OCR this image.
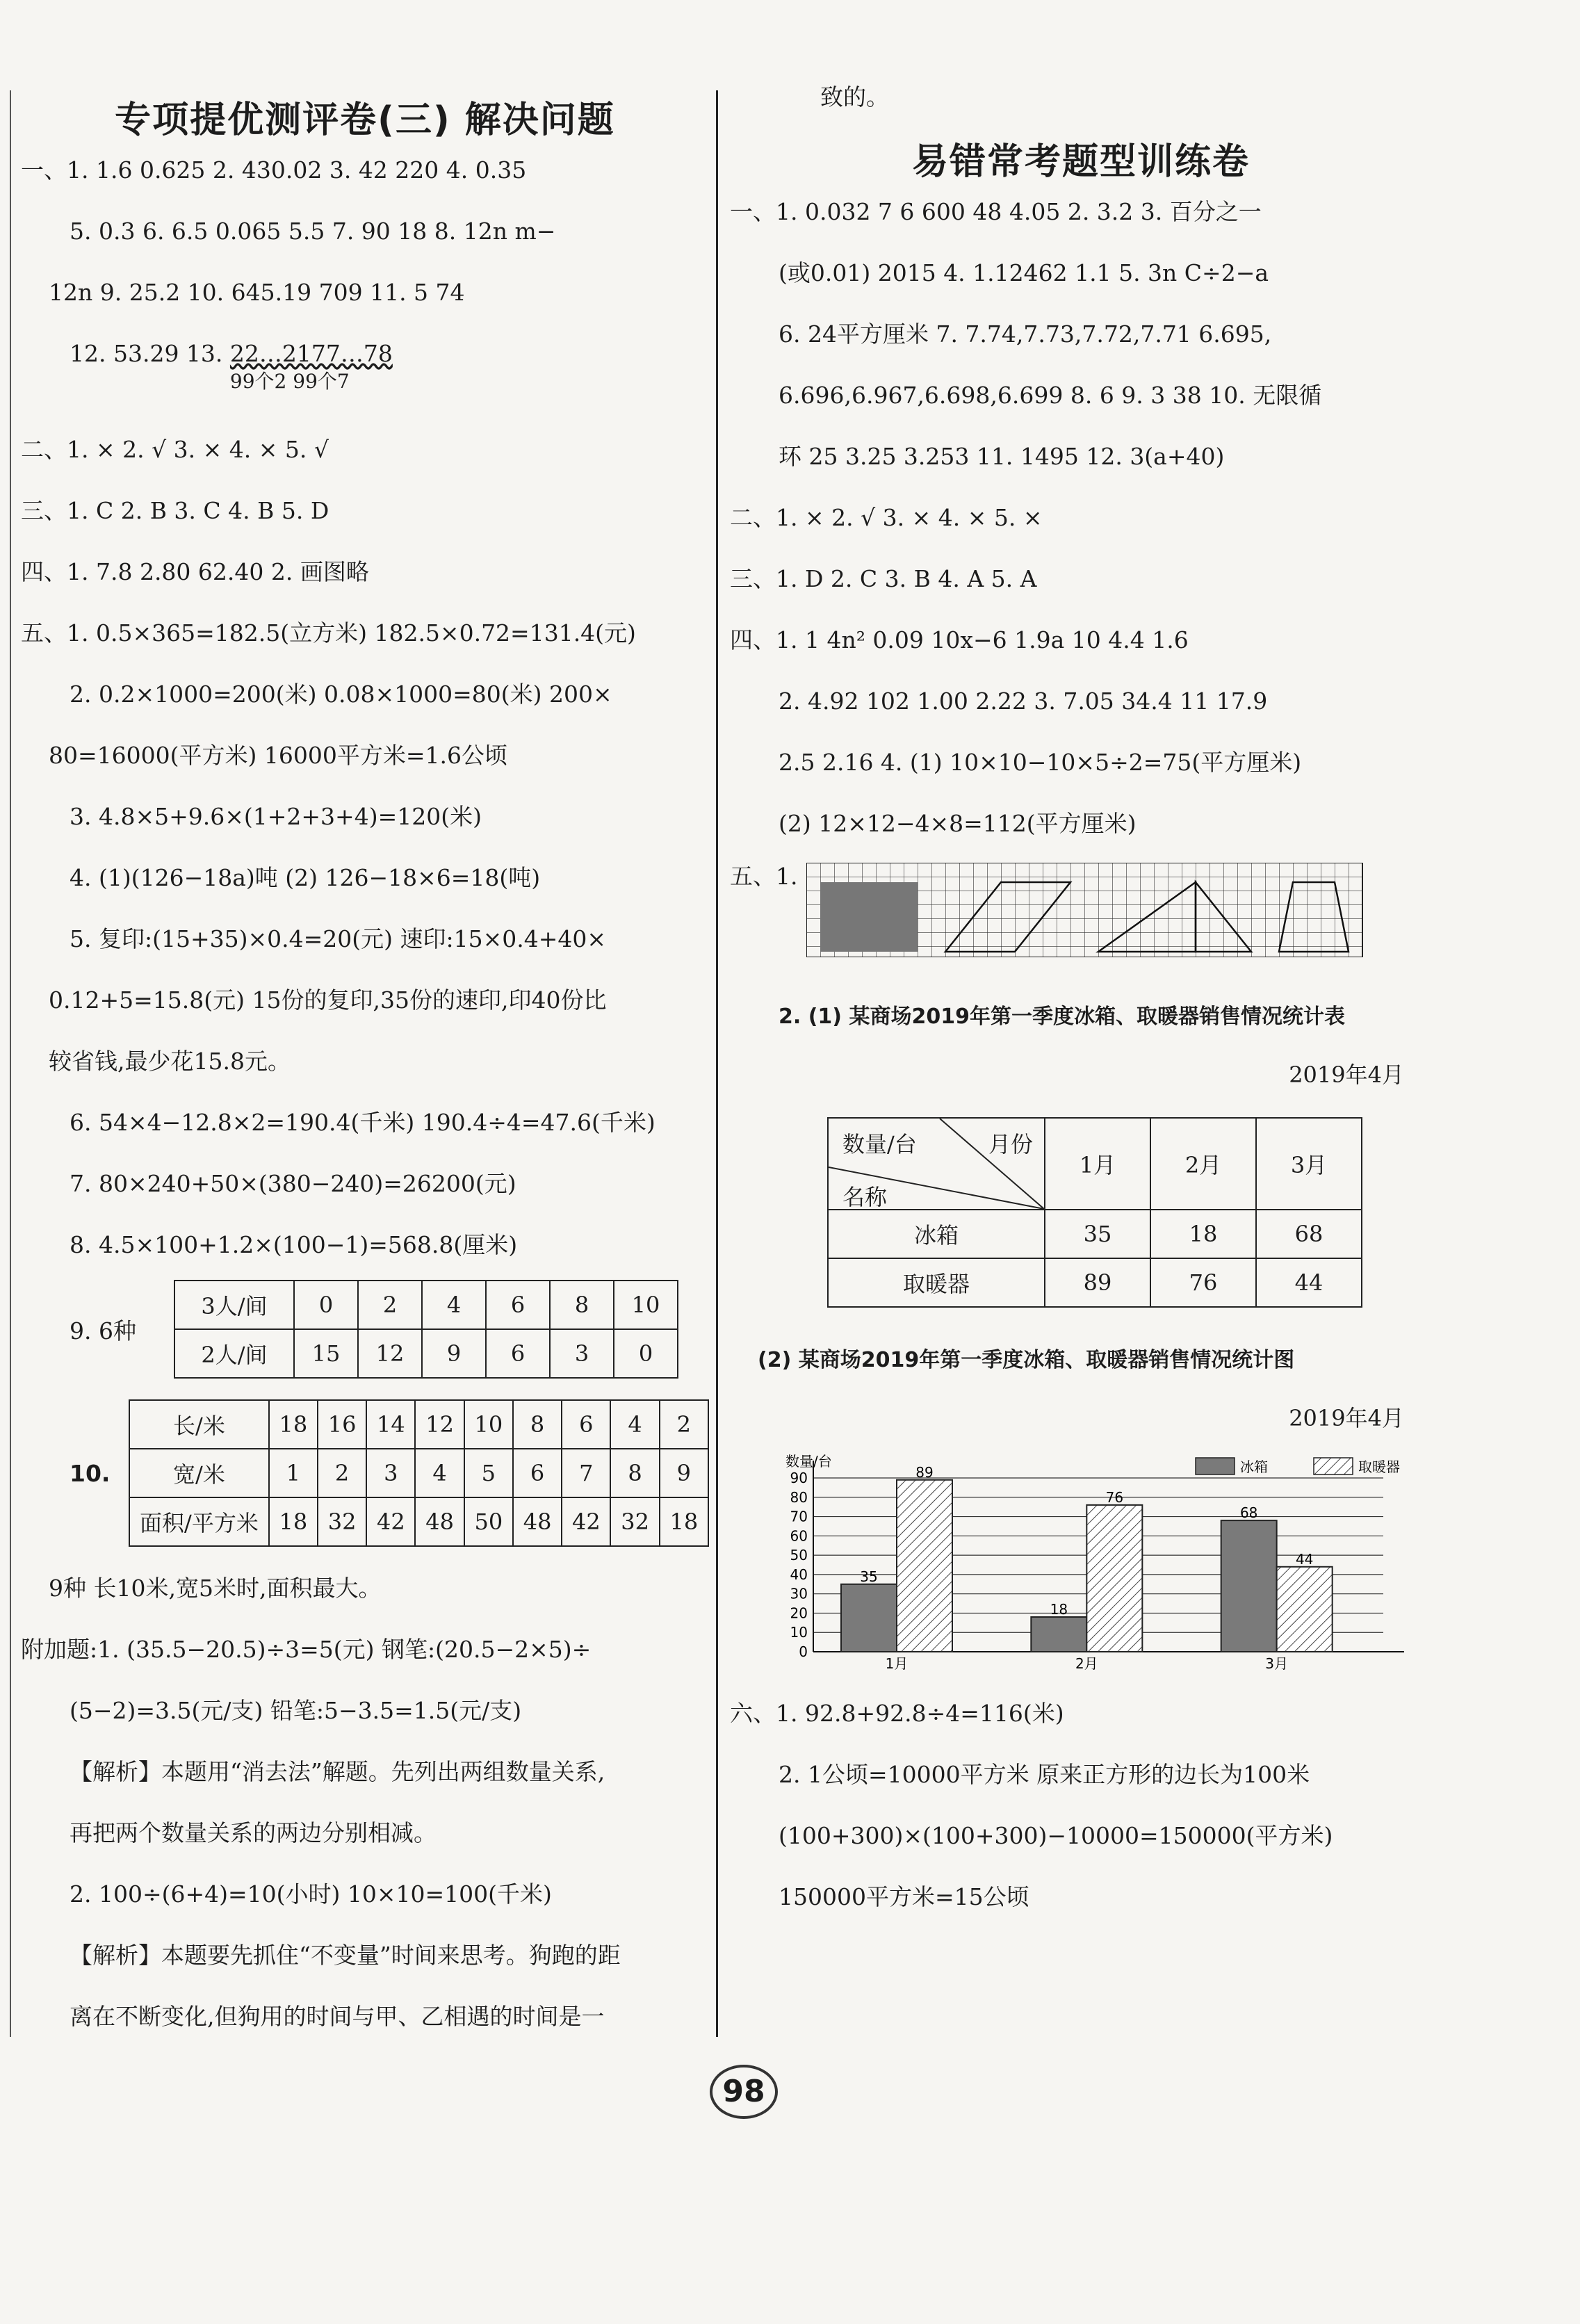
专项提优测评卷(三) 解决问题
一、1. 1.6 0.625 2. 430.02 3. 42 220 4. 0.35
5. 0.3 6. 6.5 0.065 5.5 7. 90 18 8. 12n m−
12n 9. 25.2 10. 645.19 709 11. 5 74
12. 53.29 13. 22…2177…78
99个2 99个7
二、1. × 2. √ 3. × 4. × 5. √
三、1. C 2. B 3. C 4. B 5. D
四、1. 7.8 2.80 62.40 2. 画图略
五、1. 0.5×365=182.5(立方米) 182.5×0.72=131.4(元)
2. 0.2×1000=200(米) 0.08×1000=80(米) 200×
80=16000(平方米) 16000平方米=1.6公顷
3. 4.8×5+9.6×(1+2+3+4)=120(米)
4. (1)(126−18a)吨 (2) 126−18×6=18(吨)
5. 复印:(15+35)×0.4=20(元) 速印:15×0.4+40×
0.12+5=15.8(元) 15份的复印,35份的速印,印40份比
较省钱,最少花15.8元。
6. 54×4−12.8×2=190.4(千米) 190.4÷4=47.6(千米)
7. 80×240+50×(380−240)=26200(元)
8. 4.5×100+1.2×(100−1)=568.8(厘米)
9. 6种
3人/间	0	2	4	6	8	10
2人/间	15	12	9	6	3	0
10.
长/米	18	16	14	12	10	8	6	4	2
宽/米	1	2	3	4	5	6	7	8	9
面积/平方米	18	32	42	48	50	48	42	32	18
9种 长10米,宽5米时,面积最大。
附加题:1. (35.5−20.5)÷3=5(元) 钢笔:(20.5−2×5)÷
(5−2)=3.5(元/支) 铅笔:5−3.5=1.5(元/支)
【解析】本题用“消去法”解题。先列出两组数量关系,
再把两个数量关系的两边分别相减。
2. 100÷(6+4)=10(小时) 10×10=100(千米)
【解析】本题要先抓住“不变量”时间来思考。狗跑的距
离在不断变化,但狗用的时间与甲、乙相遇的时间是一
致的。
易错常考题型训练卷
一、1. 0.032 7 6 600 48 4.05 2. 3.2 3. 百分之一
(或0.01) 2015 4. 1.12462 1.1 5. 3n C÷2−a
6. 24平方厘米 7. 7.74,7.73,7.72,7.71 6.695,
6.696,6.967,6.698,6.699 8. 6 9. 3 38 10. 无限循
环 25 3.25 3.253 11. 1495 12. 3(a+40)
二、1. × 2. √ 3. × 4. × 5. ×
三、1. D 2. C 3. B 4. A 5. A
四、1. 1 4n² 0.09 10x−6 1.9a 10 4.4 1.6
2. 4.92 102 1.00 2.22 3. 7.05 34.4 11 17.9
2.5 2.16 4. (1) 10×10−10×5÷2=75(平方厘米)
(2) 12×12−4×8=112(平方厘米)
五、1.
2. (1) 某商场2019年第一季度冰箱、取暖器销售情况统计表
2019年4月
数量/台 月份
名称	1月	2月	3月
冰箱	35	18	68
取暖器	89	76	44
(2) 某商场2019年第一季度冰箱、取暖器销售情况统计图
2019年4月
0
10
20
30
40
50
60
70
80
90
数量/台
35
89
1月
18
76
2月
68
44
3月
冰箱	取暖器
六、1. 92.8+92.8÷4=116(米)
2. 1公顷=10000平方米 原来正方形的边长为100米
(100+300)×(100+300)−10000=150000(平方米)
150000平方米=15公顷
98
